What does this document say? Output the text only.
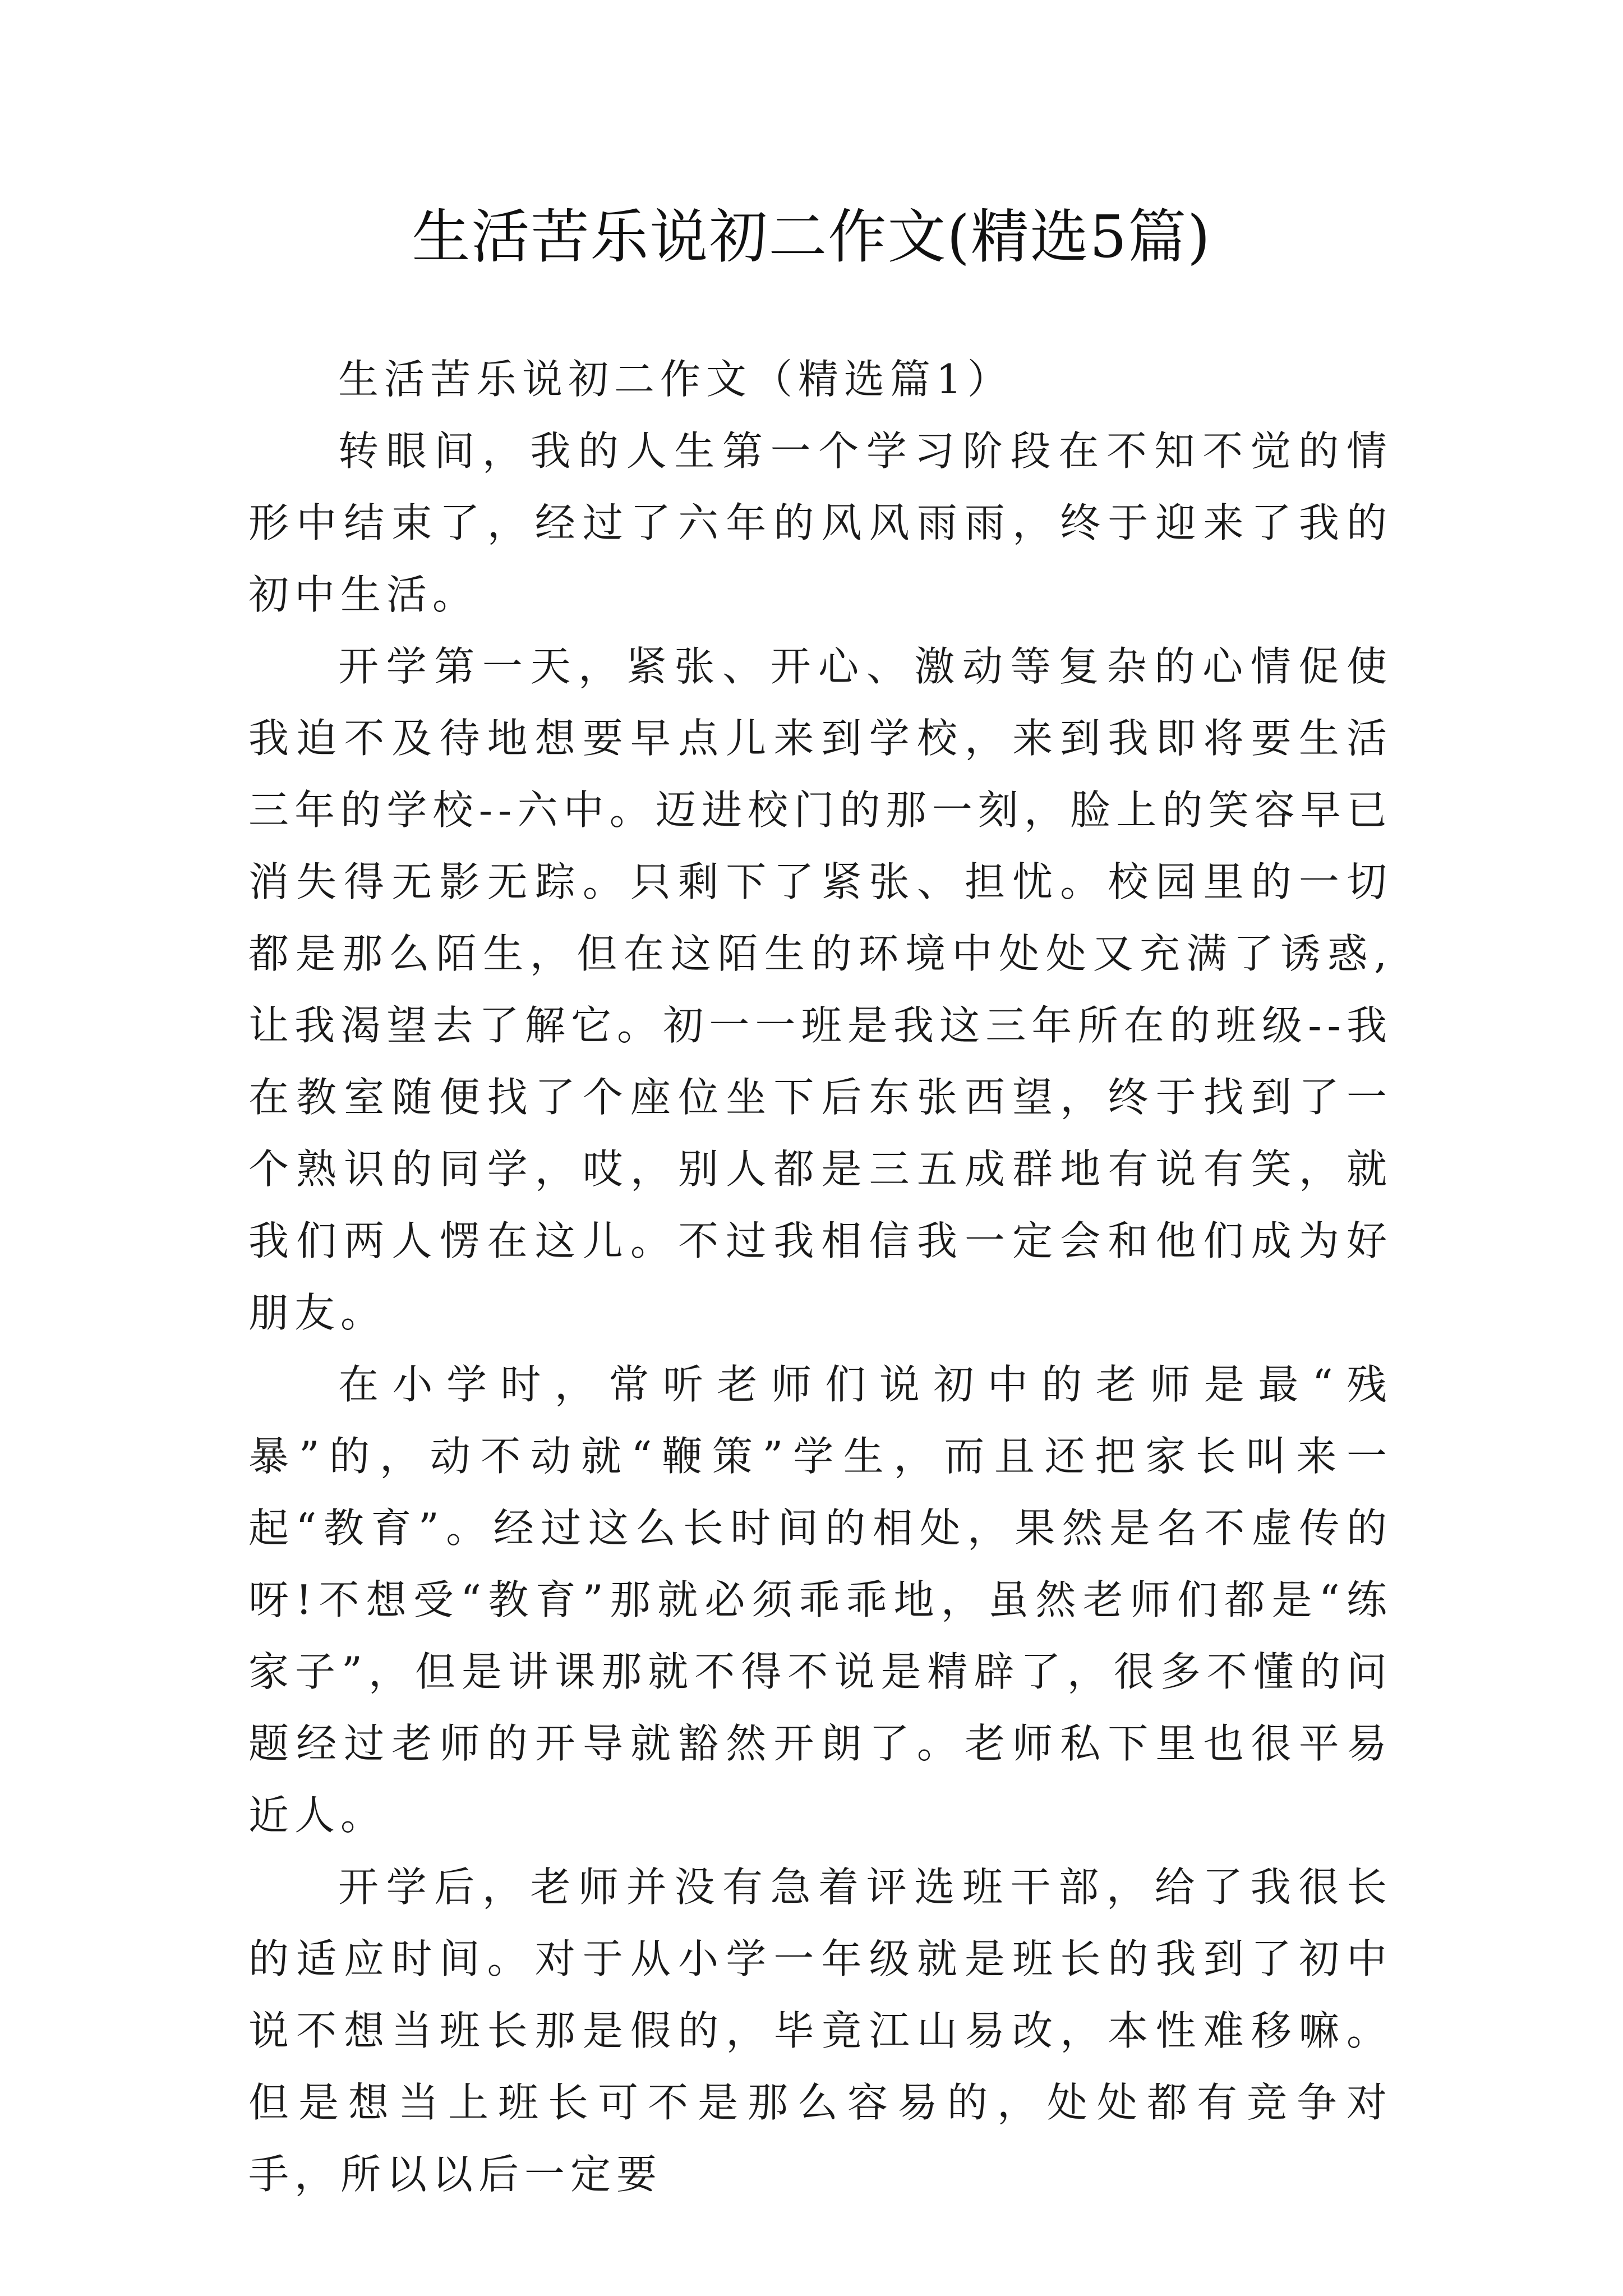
生活苦乐说初二作文(精选5篇)

生活苦乐说初二作文（精选篇1）

转眼间，我的人生第一个学习阶段在不知不觉的情形中结束了，经过了六年的风风雨雨，终于迎来了我的初中生活。

开学第一天，紧张、开心、激动等复杂的心情促使我迫不及待地想要早点儿来到学校，来到我即将要生活三年的学校--六中。迈进校门的那一刻，脸上的笑容早已消失得无影无踪。只剩下了紧张、担忧。校园里的一切都是那么陌生，但在这陌生的环境中处处又充满了诱惑,让我渴望去了解它。初一一班是我这三年所在的班级--我在教室随便找了个座位坐下后东张西望，终于找到了一个熟识的同学，哎，别人都是三五成群地有说有笑，就我们两人愣在这儿。不过我相信我一定会和他们成为好朋友。

在小学时，常听老师们说初中的老师是最“残暴”的，动不动就“鞭策”学生，而且还把家长叫来一起“教育”。经过这么长时间的相处，果然是名不虚传的呀!不想受“教育”那就必须乖乖地，虽然老师们都是“练家子”，但是讲课那就不得不说是精辟了，很多不懂的问题经过老师的开导就豁然开朗了。老师私下里也很平易近人。

开学后，老师并没有急着评选班干部，给了我很长的适应时间。对于从小学一年级就是班长的我到了初中说不想当班长那是假的，毕竟江山易改，本性难移嘛。但是想当上班长可不是那么容易的，处处都有竞争对手，所以以后一定要
